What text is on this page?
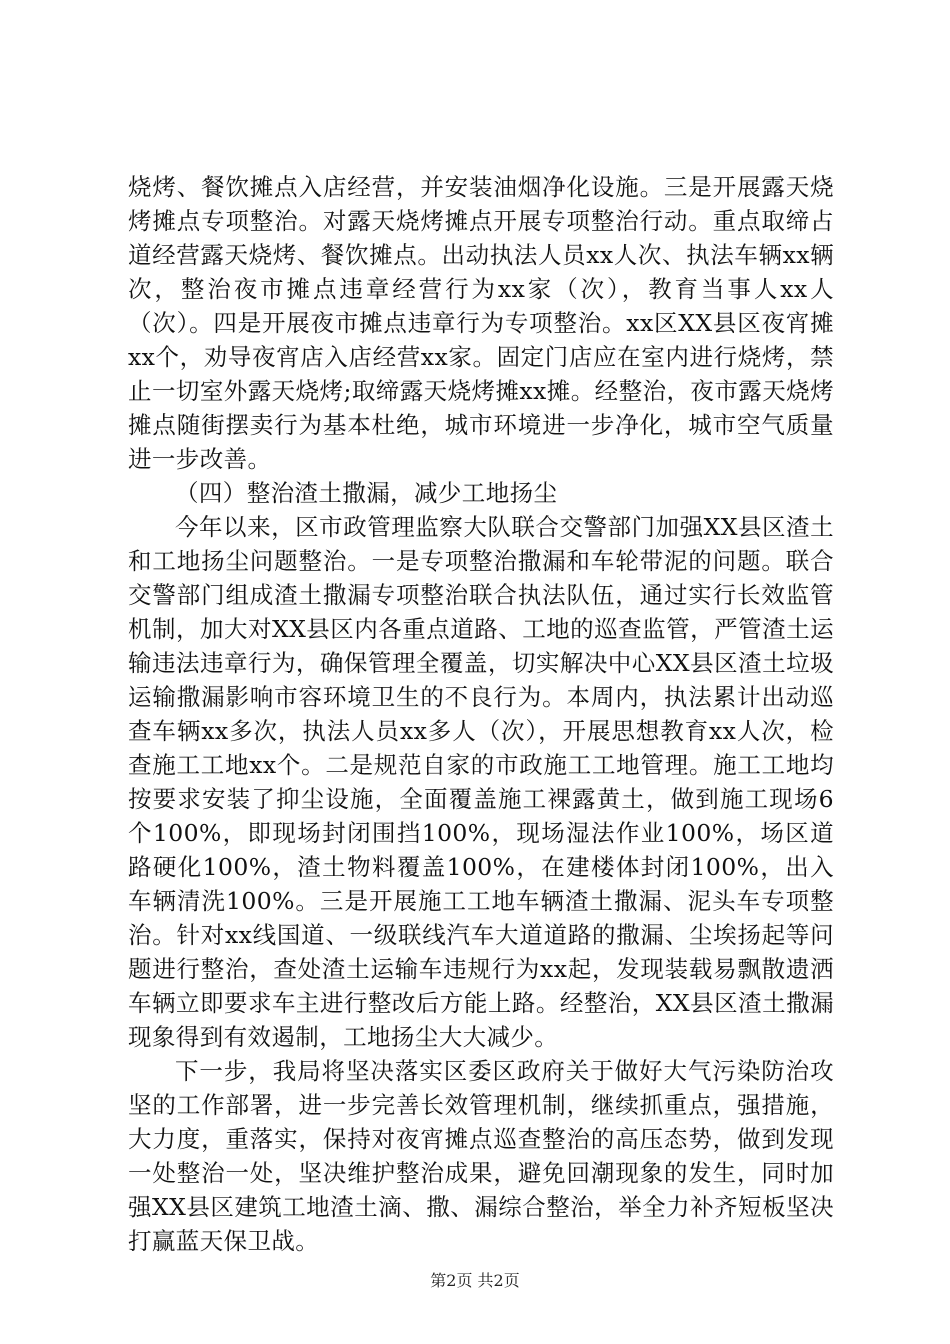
烧烤、餐饮摊点入店经营，并安装油烟净化设施。三是开展露天烧烤摊点专项整治。对露天烧烤摊点开展专项整治行动。重点取缔占道经营露天烧烤、餐饮摊点。出动执法人员xx人次、执法车辆xx辆次，整治夜市摊点违章经营行为xx家（次），教育当事人xx人（次）。四是开展夜市摊点违章行为专项整治。xx区XX县区夜宵摊xx个，劝导夜宵店入店经营xx家。固定门店应在室内进行烧烤，禁止一切室外露天烧烤;取缔露天烧烤摊xx摊。经整治，夜市露天烧烤摊点随街摆卖行为基本杜绝，城市环境进一步净化，城市空气质量进一步改善。

（四）整治渣土撒漏，减少工地扬尘

今年以来，区市政管理监察大队联合交警部门加强XX县区渣土和工地扬尘问题整治。一是专项整治撒漏和车轮带泥的问题。联合交警部门组成渣土撒漏专项整治联合执法队伍，通过实行长效监管机制，加大对XX县区内各重点道路、工地的巡查监管，严管渣土运输违法违章行为，确保管理全覆盖，切实解决中心XX县区渣土垃圾运输撒漏影响市容环境卫生的不良行为。本周内，执法累计出动巡查车辆xx多次，执法人员xx多人（次），开展思想教育xx人次，检查施工工地xx个。二是规范自家的市政施工工地管理。施工工地均按要求安装了抑尘设施，全面覆盖施工裸露黄土，做到施工现场6个100%，即现场封闭围挡100%，现场湿法作业100%，场区道路硬化100%，渣土物料覆盖100%，在建楼体封闭100%，出入车辆清洗100%。三是开展施工工地车辆渣土撒漏、泥头车专项整治。针对xx线国道、一级联线汽车大道道路的撒漏、尘埃扬起等问题进行整治，查处渣土运输车违规行为xx起，发现装载易飘散遗洒车辆立即要求车主进行整改后方能上路。经整治，XX县区渣土撒漏现象得到有效遏制，工地扬尘大大减少。

下一步，我局将坚决落实区委区政府关于做好大气污染防治攻坚的工作部署，进一步完善长效管理机制，继续抓重点，强措施，大力度，重落实，保持对夜宵摊点巡查整治的高压态势，做到发现一处整治一处，坚决维护整治成果，避免回潮现象的发生，同时加强XX县区建筑工地渣土滴、撒、漏综合整治，举全力补齐短板坚决打赢蓝天保卫战。

第2页 共2页
